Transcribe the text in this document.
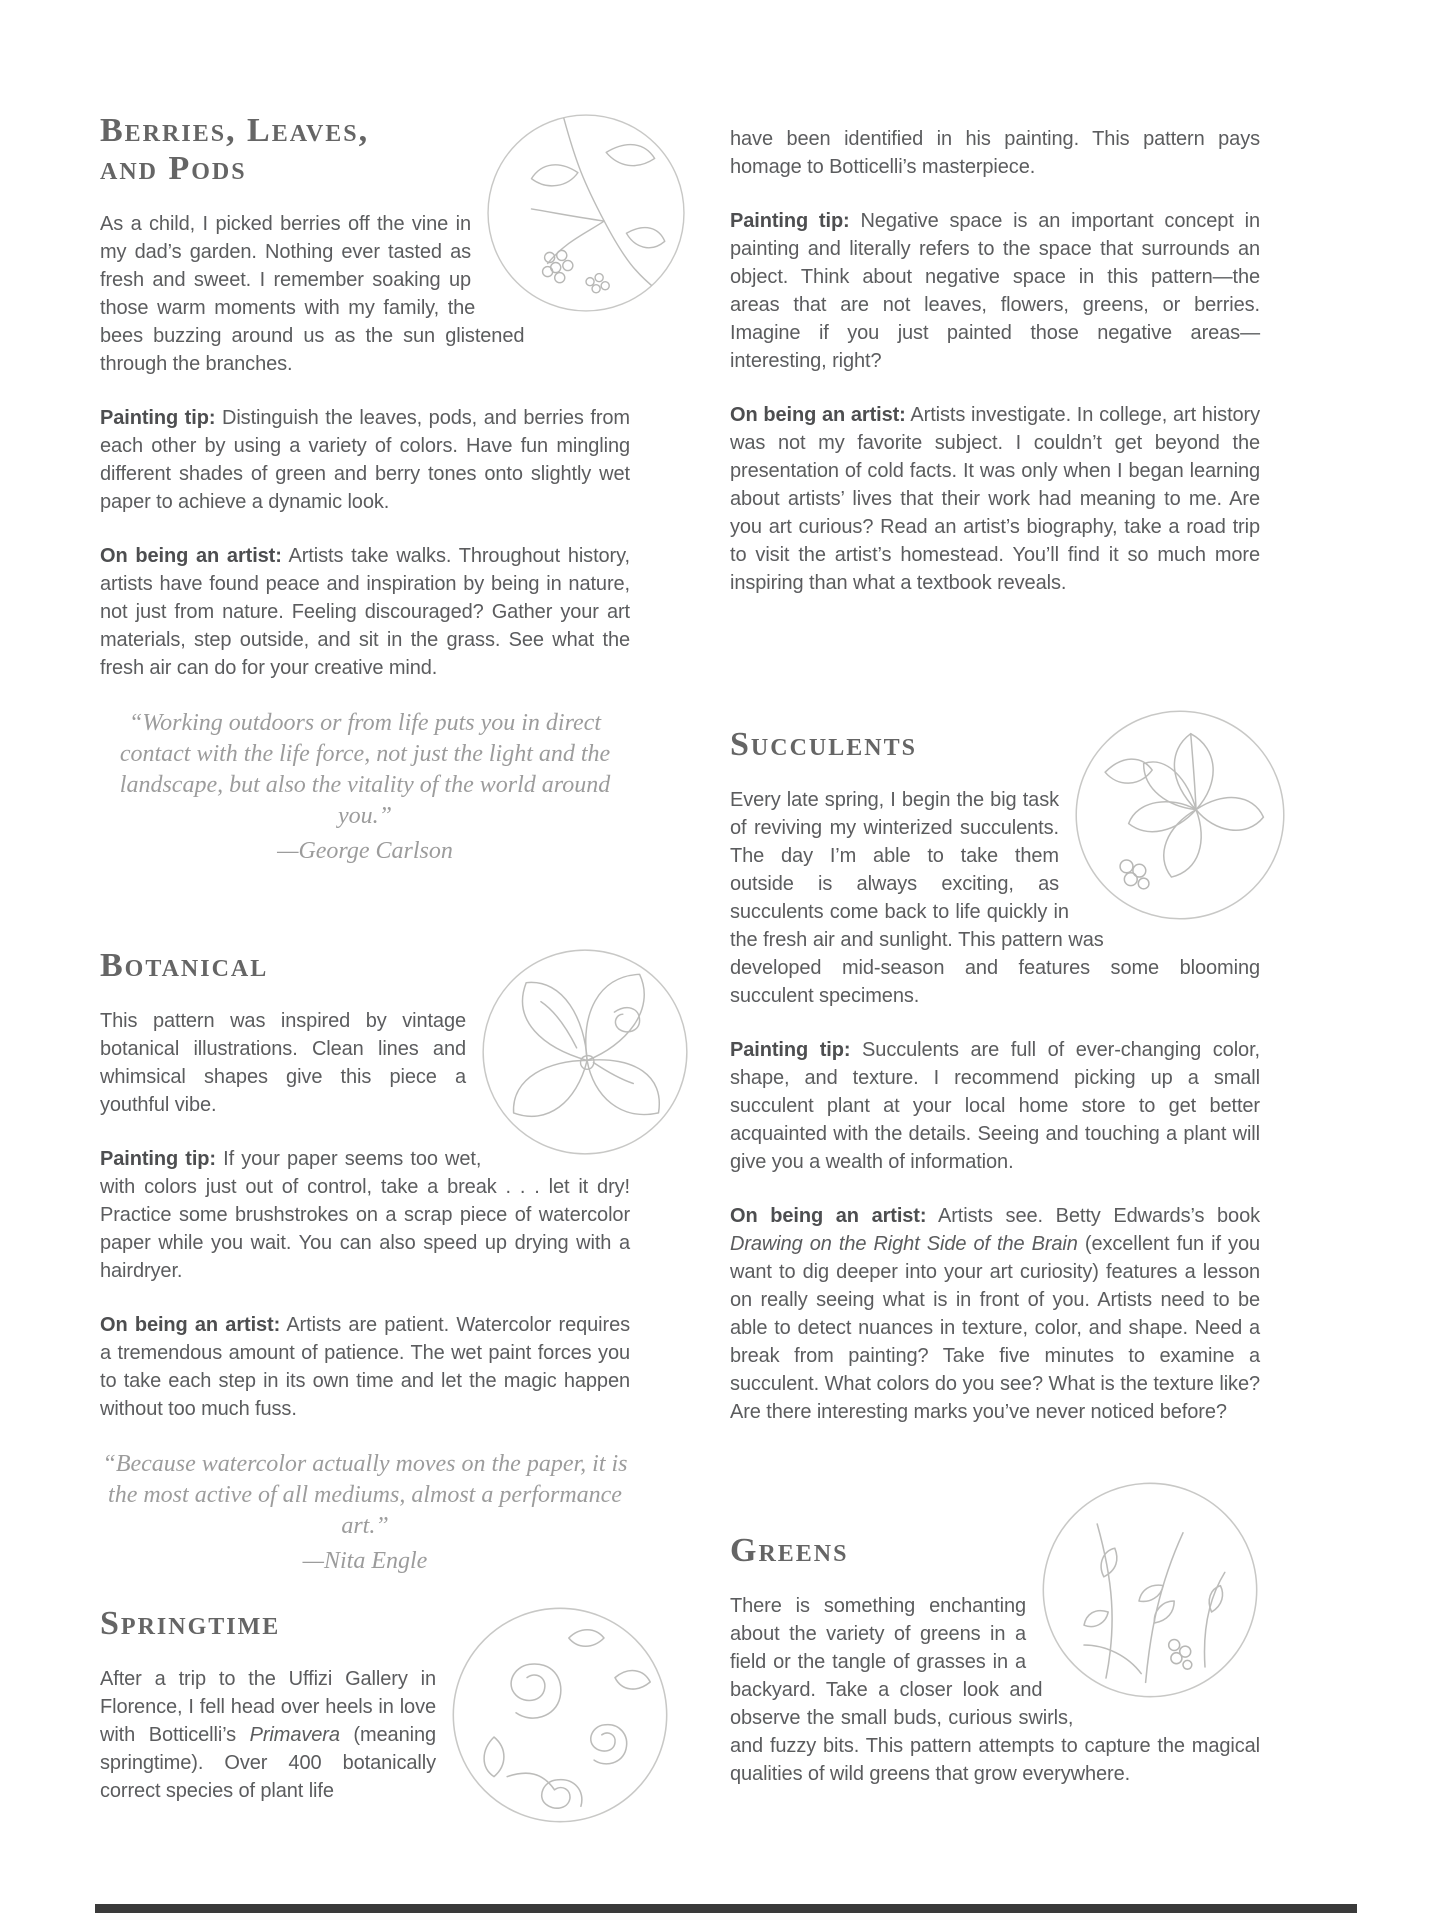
Berries, Leaves,
and Pods

As a child, I picked berries off the vine in my dad’s garden. Nothing ever tasted as fresh and sweet. I remember soaking up those warm moments with my family, the bees buzzing around us as the sun glistened through the branches.

Painting tip: Distinguish the leaves, pods, and berries from each other by using a variety of colors. Have fun mingling different shades of green and berry tones onto slightly wet paper to achieve a dynamic look.

On being an artist: Artists take walks. Throughout history, artists have found peace and inspiration by being in nature, not just from nature. Feeling discouraged? Gather your art materials, step outside, and sit in the grass. See what the fresh air can do for your creative mind.

“Working outdoors or from life puts you in direct contact with the life force, not just the light and the landscape, but also the vitality of the world around you.”
—George Carlson
Botanical

This pattern was inspired by vintage botanical illustrations. Clean lines and whimsical shapes give this piece a youthful vibe.

Painting tip: If your paper seems too wet, with colors just out of control, take a break . . . let it dry! Practice some brushstrokes on a scrap piece of watercolor paper while you wait. You can also speed up drying with a hairdryer.

On being an artist: Artists are patient. Watercolor requires a tremendous amount of patience. The wet paint forces you to take each step in its own time and let the magic happen without too much fuss.

“Because watercolor actually moves on the paper, it is the most active of all mediums, almost a performance art.”
—Nita Engle
Springtime

After a trip to the Uffizi Gallery in Florence, I fell head over heels in love with Botticelli’s Primavera (meaning springtime). Over 400 botanically correct species of plant life

have been identified in his painting. This pattern pays homage to Botticelli’s masterpiece.

Painting tip: Negative space is an important concept in painting and literally refers to the space that surrounds an object. Think about negative space in this pattern—the areas that are not leaves, flowers, greens, or berries. Imagine if you just painted those negative areas—interesting, right?

On being an artist: Artists investigate. In college, art history was not my favorite subject. I couldn’t get beyond the presentation of cold facts. It was only when I began learning about artists’ lives that their work had meaning to me. Are you art curious? Read an artist’s biography, take a road trip to visit the artist’s homestead. You’ll find it so much more inspiring than what a textbook reveals.

Succulents

Every late spring, I begin the big task of reviving my winterized succulents. The day I’m able to take them outside is always exciting, as succulents come back to life quickly in the fresh air and sunlight. This pattern was developed mid-season and features some blooming succulent specimens.

Painting tip: Succulents are full of ever-changing color, shape, and texture. I recommend picking up a small succulent plant at your local home store to get better acquainted with the details. Seeing and touching a plant will give you a wealth of information.

On being an artist: Artists see. Betty Edwards’s book Drawing on the Right Side of the Brain (excellent fun if you want to dig deeper into your art curiosity) features a lesson on really seeing what is in front of you. Artists need to be able to detect nuances in texture, color, and shape. Need a break from painting? Take five minutes to examine a succulent. What colors do you see? What is the texture like? Are there interesting marks you’ve never noticed before?

Greens

There is something enchanting about the variety of greens in a field or the tangle of grasses in a backyard. Take a closer look and observe the small buds, curious swirls, and fuzzy bits. This pattern attempts to capture the magical qualities of wild greens that grow everywhere.
